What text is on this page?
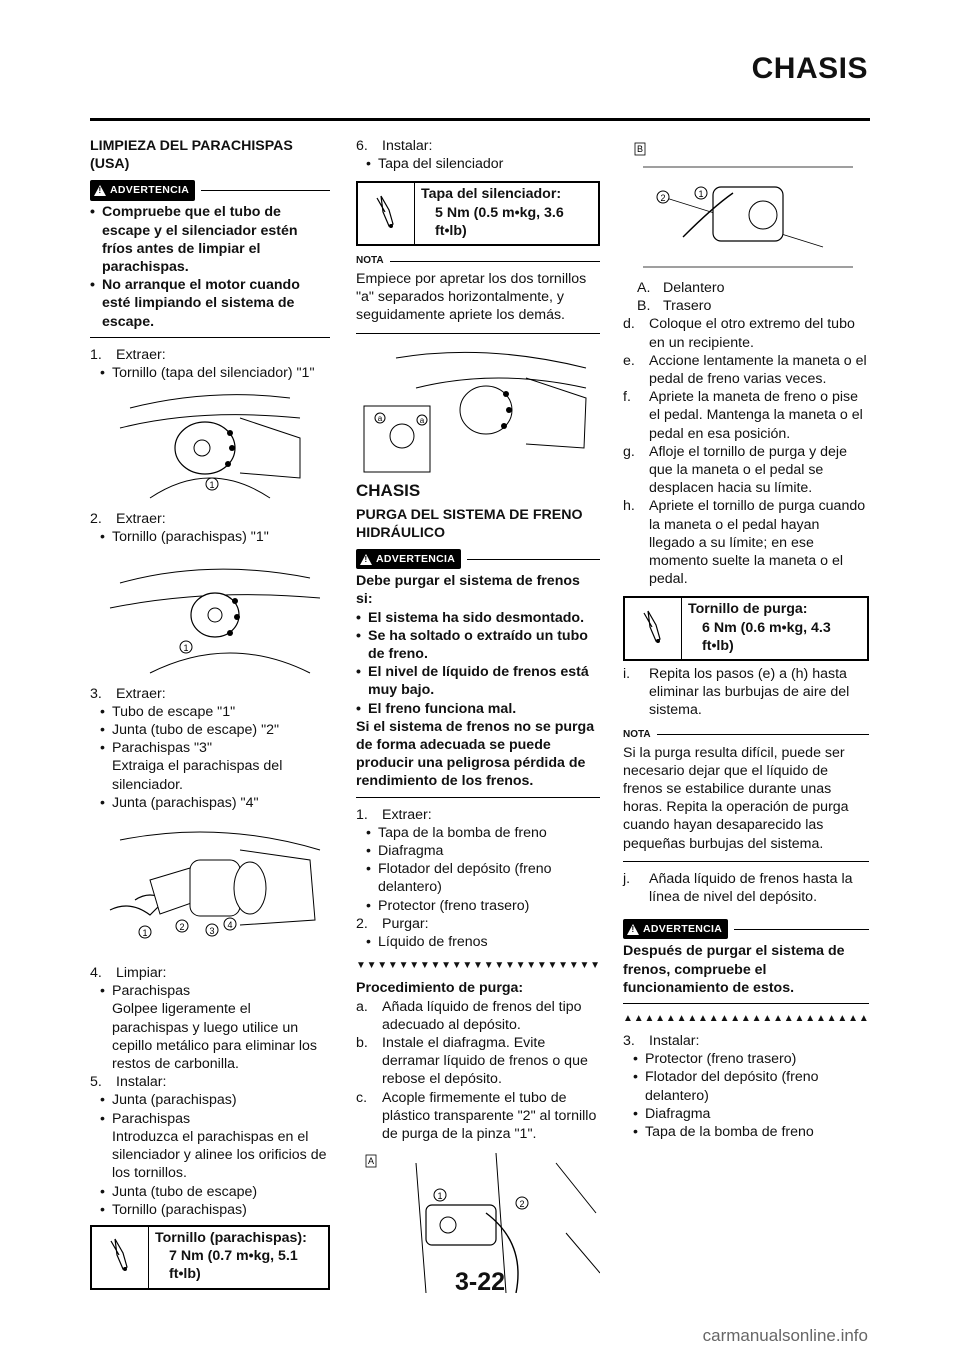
CHASIS
LIMPIEZA DEL PARACHISPAS (USA)
! ADVERTENCIA
• Compruebe que el tubo de escape y el silenciador estén fríos antes de limpiar el parachispas.
• No arranque el motor cuando esté limpiando el sistema de escape.
1. Extraer:
• Tornillo (tapa del silenciador) "1"
1
2. Extraer:
• Tornillo (parachispas) "1"
1
3. Extraer:
• Tubo de escape "1"
• Junta (tubo de escape) "2"
• Parachispas "3"
Extraiga el parachispas del silenciador.
• Junta (parachispas) "4"
1
2	3
4
4. Limpiar:
• Parachispas
Golpee ligeramente el parachispas y luego utilice un cepillo metálico para eliminar los restos de carbonilla.
5. Instalar:
• Junta (parachispas)
• Parachispas
Introduzca el parachispas en el silenciador y alinee los orificios de los tornillos.
• Junta (tubo de escape)
• Tornillo (parachispas)
Tornillo (parachispas):
7 Nm (0.7 m•kg, 5.1 ft•lb)
6. Instalar:
• Tapa del silenciador
Tapa del silenciador:
5 Nm (0.5 m•kg, 3.6 ft•lb)
NOTA
Empiece por apretar los dos tornillos "a" separados horizontalmente, y seguidamente apriete los demás.
a	a
CHASIS
PURGA DEL SISTEMA DE FRENO HIDRÁULICO
! ADVERTENCIA
Debe purgar el sistema de frenos si:
• El sistema ha sido desmontado.
• Se ha soltado o extraído un tubo de freno.
• El nivel de líquido de frenos está muy bajo.
• El freno funciona mal.
Si el sistema de frenos no se purga de forma adecuada se puede producir una peligrosa pérdida de rendimiento de los frenos.
1. Extraer:
• Tapa de la bomba de freno
• Diafragma
• Flotador del depósito (freno delantero)
• Protector (freno trasero)
2. Purgar:
• Líquido de frenos
▼ ▼ ▼ ▼ ▼ ▼ ▼ ▼ ▼ ▼ ▼ ▼ ▼ ▼ ▼ ▼ ▼ ▼ ▼ ▼ ▼ ▼ ▼
Procedimiento de purga:
a. Añada líquido de frenos del tipo adecuado al depósito.
b. Instale el diafragma. Evite derramar líquido de frenos o que rebose el depósito.
c.	Acople firmemente el tubo de plástico transparente "2" al tornillo de purga de la pinza "1".
A
1
2
B
2	1
A. Delantero
B. Trasero
d. Coloque el otro extremo del tubo en un recipiente.
e. Accione lentamente la maneta o el pedal de freno varias veces.
f.	Apriete la maneta de freno o pise el pedal. Mantenga la maneta o el pedal en esa posición.
g. Afloje el tornillo de purga y deje que la maneta o el pedal se desplacen hacia su límite.
h. Apriete el tornillo de purga cuando la maneta o el pedal hayan llegado a su límite; en ese momento suelte la maneta o el pedal.
Tornillo de purga:
6 Nm (0.6 m•kg, 4.3 ft•lb)
i.	Repita los pasos (e) a (h) hasta eliminar las burbujas de aire del sistema.
NOTA
Si la purga resulta difícil, puede ser necesario dejar que el líquido de frenos se estabilice durante unas horas. Repita la operación de purga cuando hayan desaparecido las pequeñas burbujas del sistema.
j.	Añada líquido de frenos hasta la línea de nivel del depósito.
! ADVERTENCIA
Después de purgar el sistema de frenos, compruebe el funcionamiento de estos.
▲ ▲ ▲ ▲ ▲ ▲ ▲ ▲ ▲ ▲ ▲ ▲ ▲ ▲ ▲ ▲ ▲ ▲ ▲ ▲ ▲ ▲ ▲
3. Instalar:
• Protector (freno trasero)
• Flotador del depósito (freno delantero)
• Diafragma
• Tapa de la bomba de freno
3-22
carmanualsonline.info
